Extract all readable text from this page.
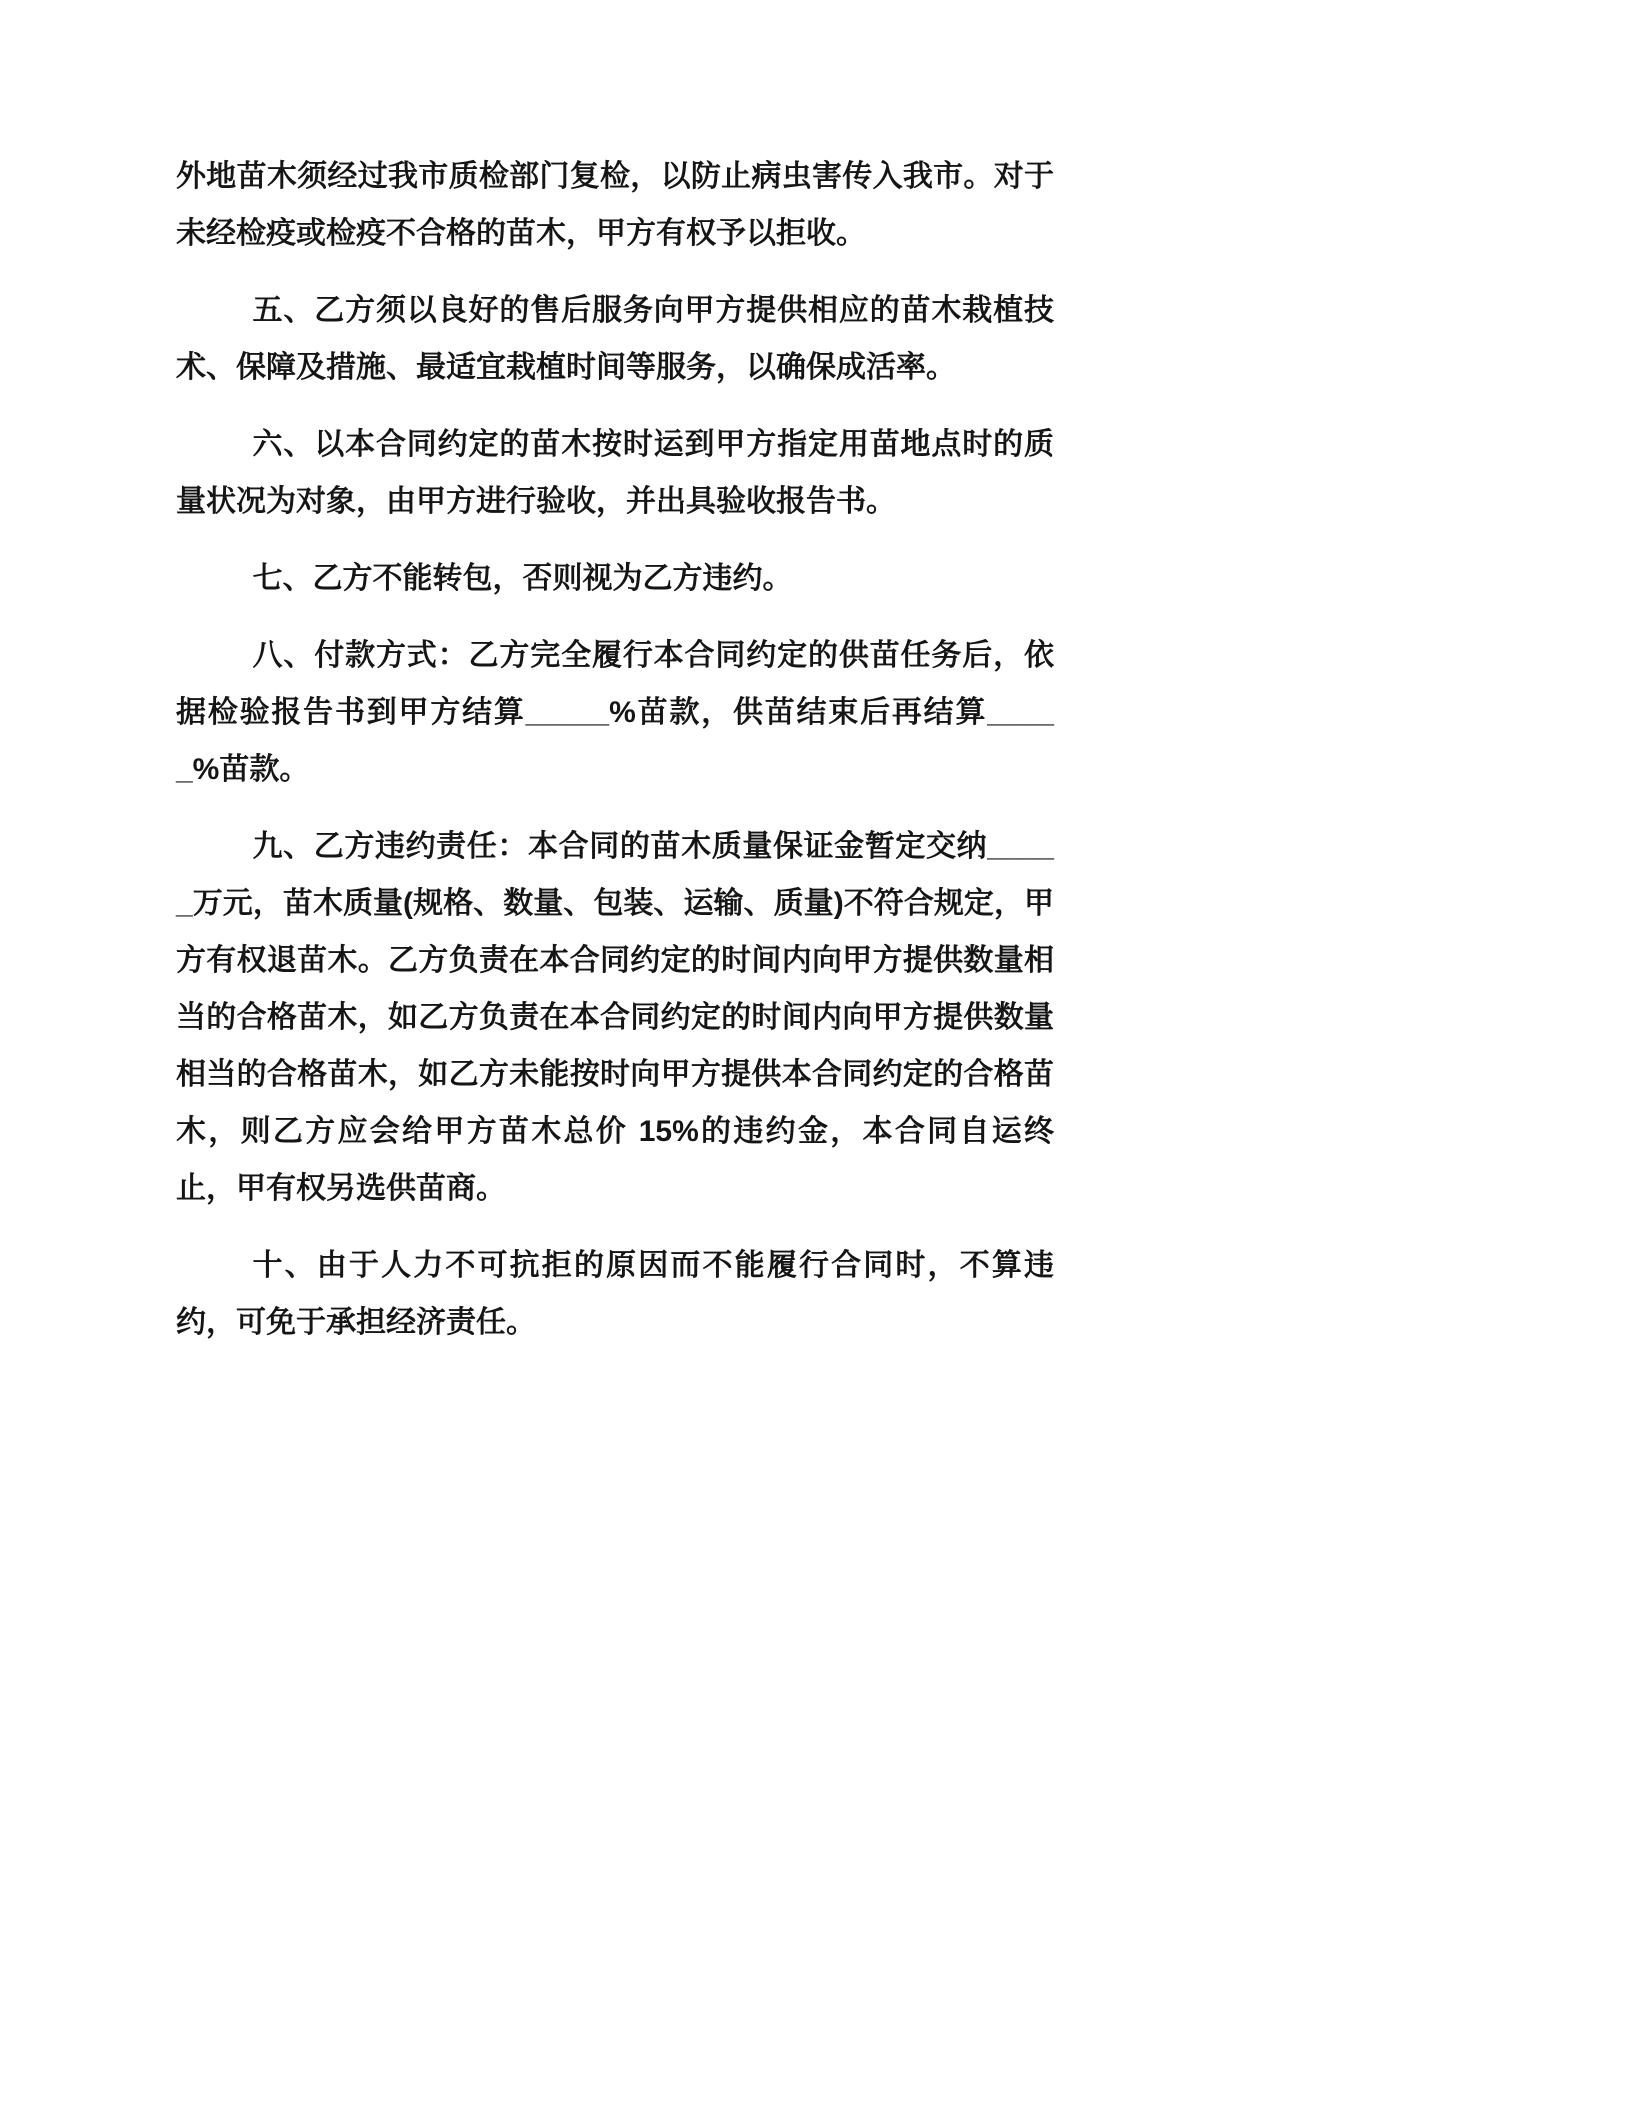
外地苗木须经过我市质检部门复检，以防止病虫害传入我市。对于未经检疫或检疫不合格的苗木，甲方有权予以拒收。

五、乙方须以良好的售后服务向甲方提供相应的苗木栽植技术、保障及措施、最适宜栽植时间等服务，以确保成活率。

六、以本合同约定的苗木按时运到甲方指定用苗地点时的质量状况为对象，由甲方进行验收，并出具验收报告书。

七、乙方不能转包，否则视为乙方违约。

八、付款方式：乙方完全履行本合同约定的供苗任务后，依据检验报告书到甲方结算_____%苗款，供苗结束后再结算_____%苗款。

九、乙方违约责任：本合同的苗木质量保证金暂定交纳_____万元，苗木质量(规格、数量、包装、运输、质量)不符合规定，甲方有权退苗木。乙方负责在本合同约定的时间内向甲方提供数量相当的合格苗木，如乙方负责在本合同约定的时间内向甲方提供数量相当的合格苗木，如乙方未能按时向甲方提供本合同约定的合格苗木，则乙方应会给甲方苗木总价 15%的违约金，本合同自运终止，甲有权另选供苗商。

十、由于人力不可抗拒的原因而不能履行合同时，不算违约，可免于承担经济责任。
